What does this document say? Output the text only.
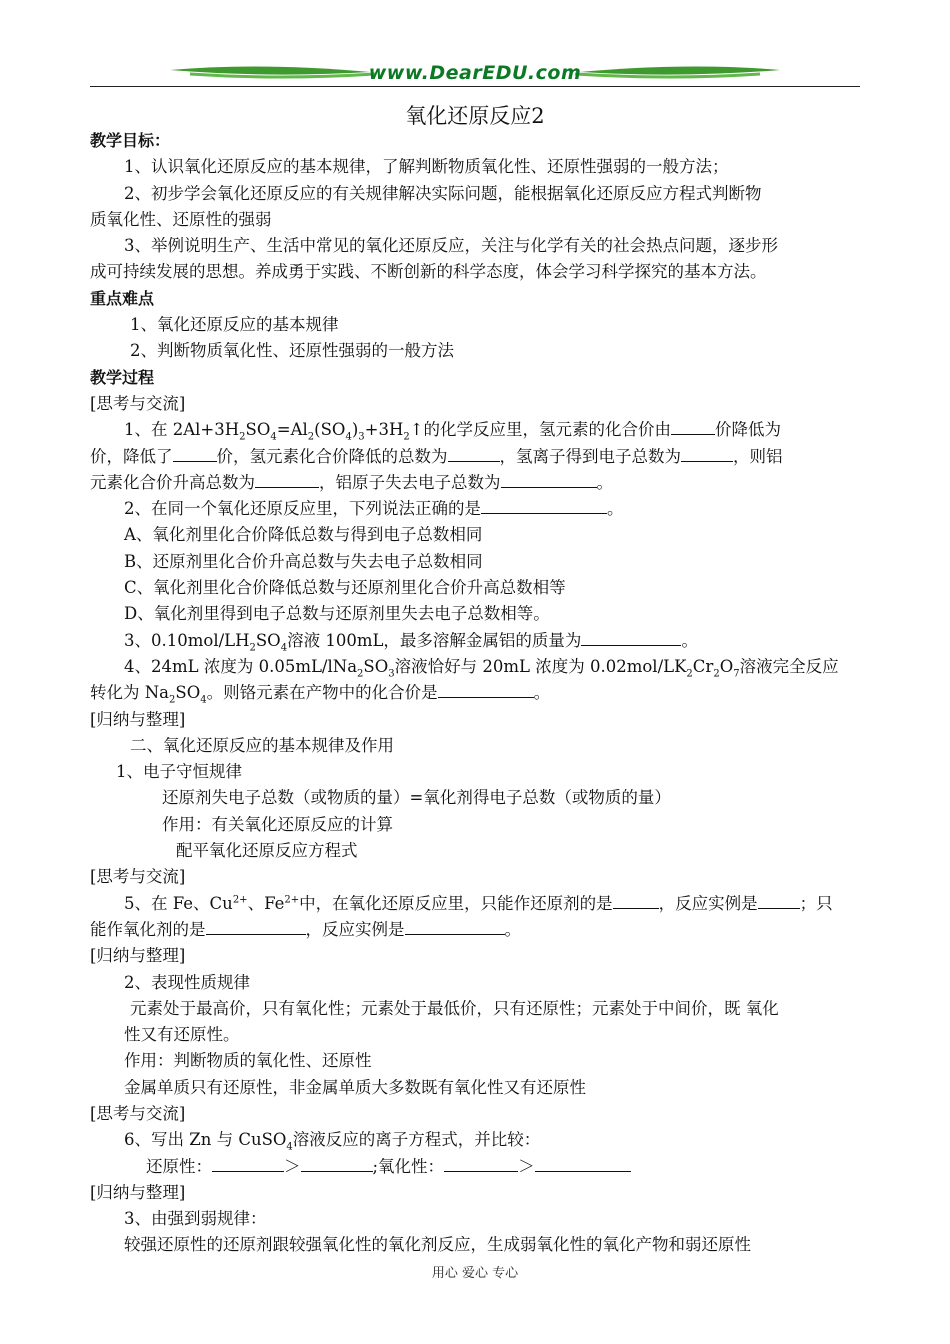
www.DearEDU.com
氧化还原反应2
教学目标：
1、认识氧化还原反应的基本规律，了解判断物质氧化性、还原性强弱的一般方法；
2、初步学会氧化还原反应的有关规律解决实际问题，能根据氧化还原反应方程式判断物
质氧化性、还原性的强弱
3、举例说明生产、生活中常见的氧化还原反应，关注与化学有关的社会热点问题，逐步形
成可持续发展的思想。养成勇于实践、不断创新的科学态度，体会学习科学探究的基本方法。
重点难点
1、氧化还原反应的基本规律
2、判断物质氧化性、还原性强弱的一般方法
教学过程
[思考与交流]
1、在 $2Al+3H_2SO_4=Al_2(SO_4)_3+3H_2↑$的化学反应里，氢元素的化合价由	价降低为
价，降低了	价，氢元素化合价降低的总数为	，氢离子得到电子总数为	，则铝
元素化合价升高总数为	，铝原子失去电子总数为	。
2、在同一个氧化还原反应里，下列说法正确的是	。
A、氧化剂里化合价降低总数与得到电子总数相同
B、还原剂里化合价升高总数与失去电子总数相同
C、氧化剂里化合价降低总数与还原剂里化合价升高总数相等
D、氧化剂里得到电子总数与还原剂里失去电子总数相等。
3、$0.10mol/LH_2SO_4$溶液 100mL，最多溶解金属铝的质量为	。
4、24mL 浓度为 $0.05mL/lNa_2SO_3$溶液恰好与 20mL 浓度为 $0.02mol/LK_2Cr_2O_7$溶液完全反应
转化为 $Na_2SO_4$。则铬元素在产物中的化合价是	。
[归纳与整理]
二、氧化还原反应的基本规律及作用
1、电子守恒规律
还原剂失电子总数（或物质的量）=氧化剂得电子总数（或物质的量）
作用：有关氧化还原反应的计算
配平氧化还原反应方程式
[思考与交流]
5、在 Fe、$Cu^{2+}$、$Fe^{2+}$中，在氧化还原反应里，只能作还原剂的是	，反应实例是	；只
能作氧化剂的是	，反应实例是	。
[归纳与整理]
2、表现性质规律
元素处于最高价，只有氧化性；元素处于最低价，只有还原性；元素处于中间价，既 氧化
性又有还原性。
作用：判断物质的氧化性、还原性
金属单质只有还原性，非金属单质大多数既有氧化性又有还原性
[思考与交流]
6、写出 Zn 与 CuSO$_4$溶液反应的离子方程式，并比较：
还原性：	＞	;氧化性：	＞
[归纳与整理]
3、由强到弱规律：
较强还原性的还原剂跟较强氧化性的氧化剂反应，生成弱氧化性的氧化产物和弱还原性
用心 爱心 专心
